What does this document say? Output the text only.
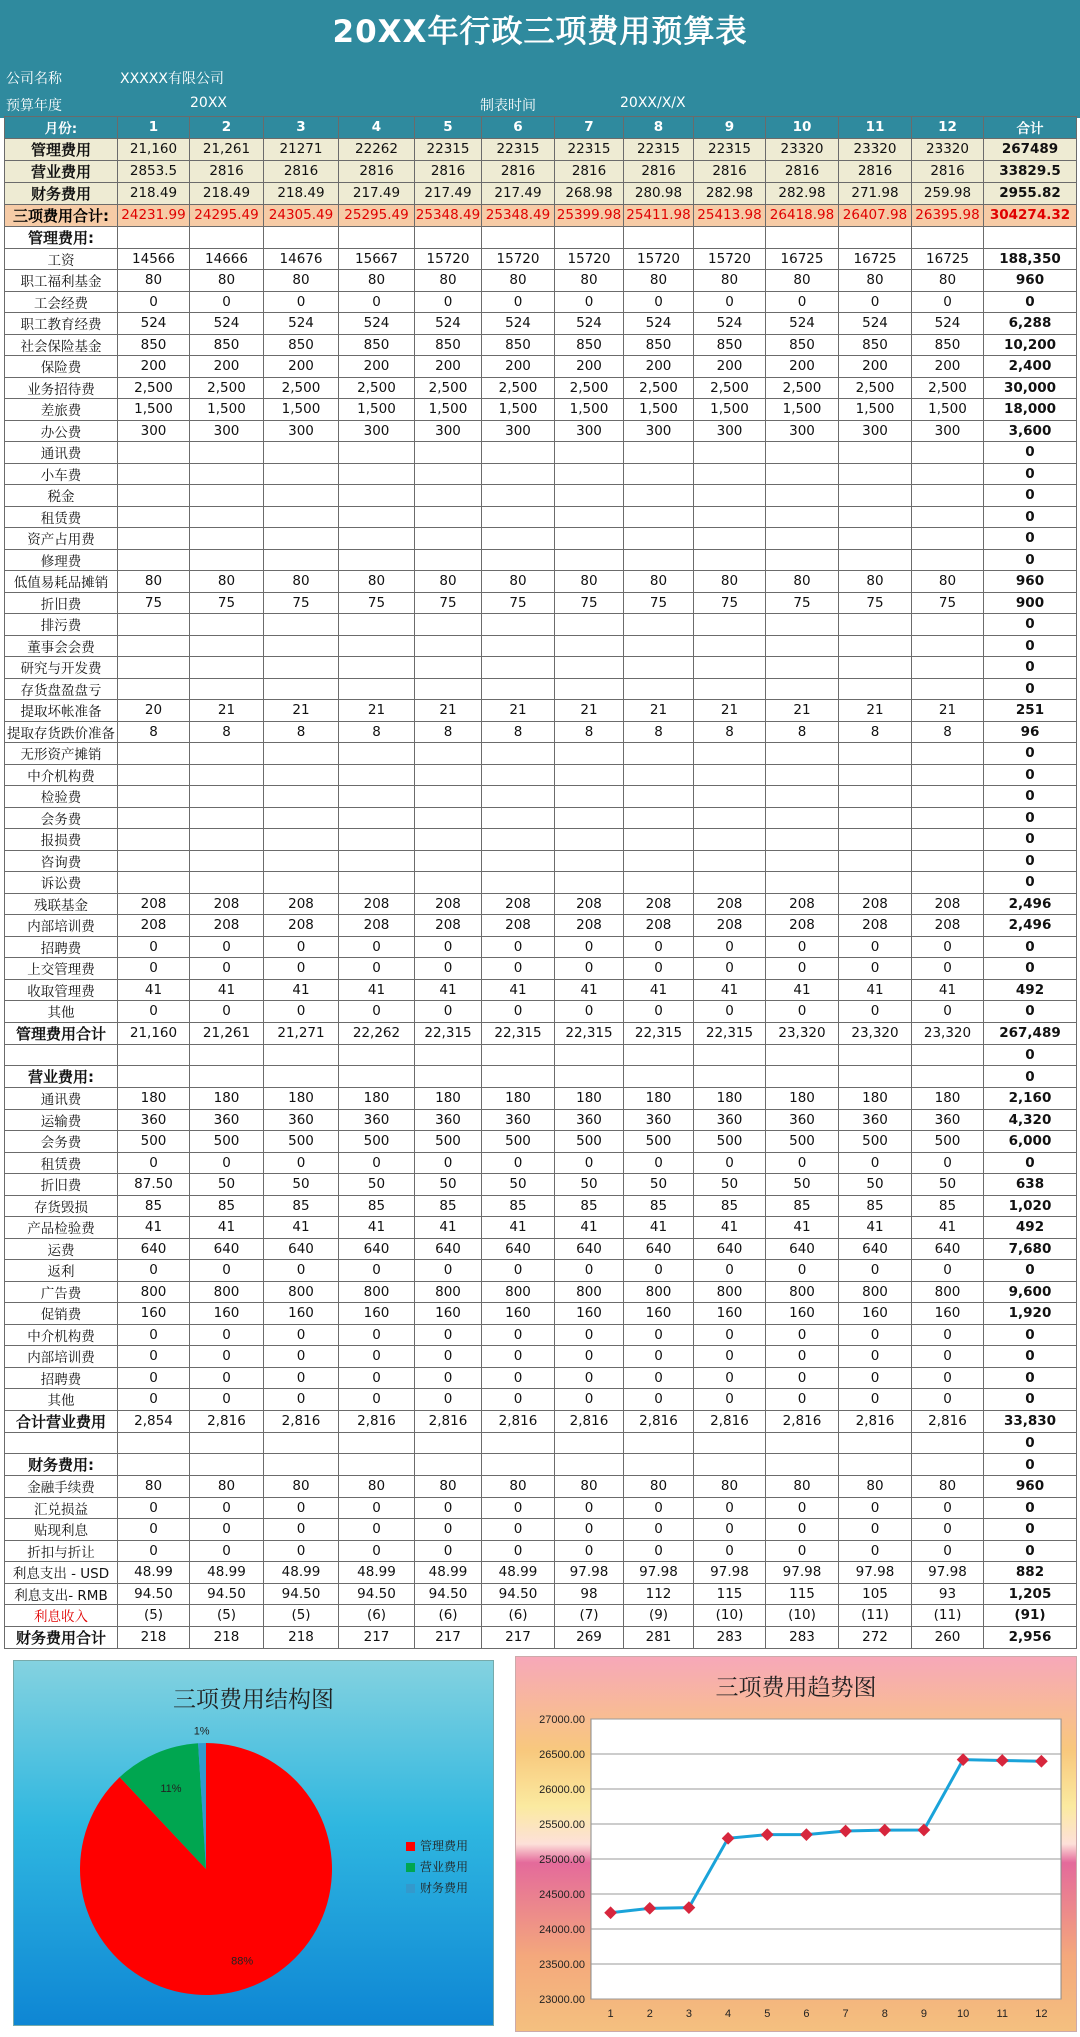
20XX年行政三项费用预算表
公司名称	XXXXX有限公司
预算年度	20XX	制表时间	20XX/X/X
月份:	1	2	3	4	5	6	7	8	9	10	11	12	合计
管理费用	21,160	21,261	21271	22262	22315	22315	22315	22315	22315	23320	23320	23320	267489
营业费用	2853.5	2816	2816	2816	2816	2816	2816	2816	2816	2816	2816	2816	33829.5
财务费用	218.49	218.49	218.49	217.49	217.49	217.49	268.98	280.98	282.98	282.98	271.98	259.98	2955.82
三项费用合计:	24231.99	24295.49	24305.49	25295.49	25348.49	25348.49	25399.98	25411.98	25413.98	26418.98	26407.98	26395.98	304274.32
管理费用:													
工资	14566	14666	14676	15667	15720	15720	15720	15720	15720	16725	16725	16725	188,350
职工福利基金	80	80	80	80	80	80	80	80	80	80	80	80	960
工会经费	0	0	0	0	0	0	0	0	0	0	0	0	0
职工教育经费	524	524	524	524	524	524	524	524	524	524	524	524	6,288
社会保险基金	850	850	850	850	850	850	850	850	850	850	850	850	10,200
保险费	200	200	200	200	200	200	200	200	200	200	200	200	2,400
业务招待费	2,500	2,500	2,500	2,500	2,500	2,500	2,500	2,500	2,500	2,500	2,500	2,500	30,000
差旅费	1,500	1,500	1,500	1,500	1,500	1,500	1,500	1,500	1,500	1,500	1,500	1,500	18,000
办公费	300	300	300	300	300	300	300	300	300	300	300	300	3,600
通讯费													0
小车费													0
税金													0
租赁费													0
资产占用费													0
修理费													0
低值易耗品摊销	80	80	80	80	80	80	80	80	80	80	80	80	960
折旧费	75	75	75	75	75	75	75	75	75	75	75	75	900
排污费													0
董事会会费													0
研究与开发费													0
存货盘盈盘亏													0
提取坏帐准备	20	21	21	21	21	21	21	21	21	21	21	21	251
提取存货跌价准备	8	8	8	8	8	8	8	8	8	8	8	8	96
无形资产摊销													0
中介机构费													0
检验费													0
会务费													0
报损费													0
咨询费													0
诉讼费													0
残联基金	208	208	208	208	208	208	208	208	208	208	208	208	2,496
内部培训费	208	208	208	208	208	208	208	208	208	208	208	208	2,496
招聘费	0	0	0	0	0	0	0	0	0	0	0	0	0
上交管理费	0	0	0	0	0	0	0	0	0	0	0	0	0
收取管理费	41	41	41	41	41	41	41	41	41	41	41	41	492
其他	0	0	0	0	0	0	0	0	0	0	0	0	0
管理费用合计	21,160	21,261	21,271	22,262	22,315	22,315	22,315	22,315	22,315	23,320	23,320	23,320	267,489
													0
营业费用:													0
通讯费	180	180	180	180	180	180	180	180	180	180	180	180	2,160
运输费	360	360	360	360	360	360	360	360	360	360	360	360	4,320
会务费	500	500	500	500	500	500	500	500	500	500	500	500	6,000
租赁费	0	0	0	0	0	0	0	0	0	0	0	0	0
折旧费	87.50	50	50	50	50	50	50	50	50	50	50	50	638
存货毁损	85	85	85	85	85	85	85	85	85	85	85	85	1,020
产品检验费	41	41	41	41	41	41	41	41	41	41	41	41	492
运费	640	640	640	640	640	640	640	640	640	640	640	640	7,680
返利	0	0	0	0	0	0	0	0	0	0	0	0	0
广告费	800	800	800	800	800	800	800	800	800	800	800	800	9,600
促销费	160	160	160	160	160	160	160	160	160	160	160	160	1,920
中介机构费	0	0	0	0	0	0	0	0	0	0	0	0	0
内部培训费	0	0	0	0	0	0	0	0	0	0	0	0	0
招聘费	0	0	0	0	0	0	0	0	0	0	0	0	0
其他	0	0	0	0	0	0	0	0	0	0	0	0	0
合计营业费用	2,854	2,816	2,816	2,816	2,816	2,816	2,816	2,816	2,816	2,816	2,816	2,816	33,830
													0
财务费用:													0
金融手续费	80	80	80	80	80	80	80	80	80	80	80	80	960
汇兑损益	0	0	0	0	0	0	0	0	0	0	0	0	0
贴现利息	0	0	0	0	0	0	0	0	0	0	0	0	0
折扣与折让	0	0	0	0	0	0	0	0	0	0	0	0	0
利息支出 - USD	48.99	48.99	48.99	48.99	48.99	48.99	97.98	97.98	97.98	97.98	97.98	97.98	882
利息支出- RMB	94.50	94.50	94.50	94.50	94.50	94.50	98	112	115	115	105	93	1,205
利息收入	(5)	(5)	(5)	(6)	(6)	(6)	(7)	(9)	(10)	(10)	(11)	(11)	(91)
财务费用合计	218	218	218	217	217	217	269	281	283	283	272	260	2,956
三项费用结构图
88%
11%
1%
管理费用
营业费用
财务费用
三项费用趋势图
23000.00
23500.00
24000.00
24500.00
25000.00
25500.00
26000.00
26500.00
27000.00
1	2	3	4	5	6	7	8	9	10 11 12
